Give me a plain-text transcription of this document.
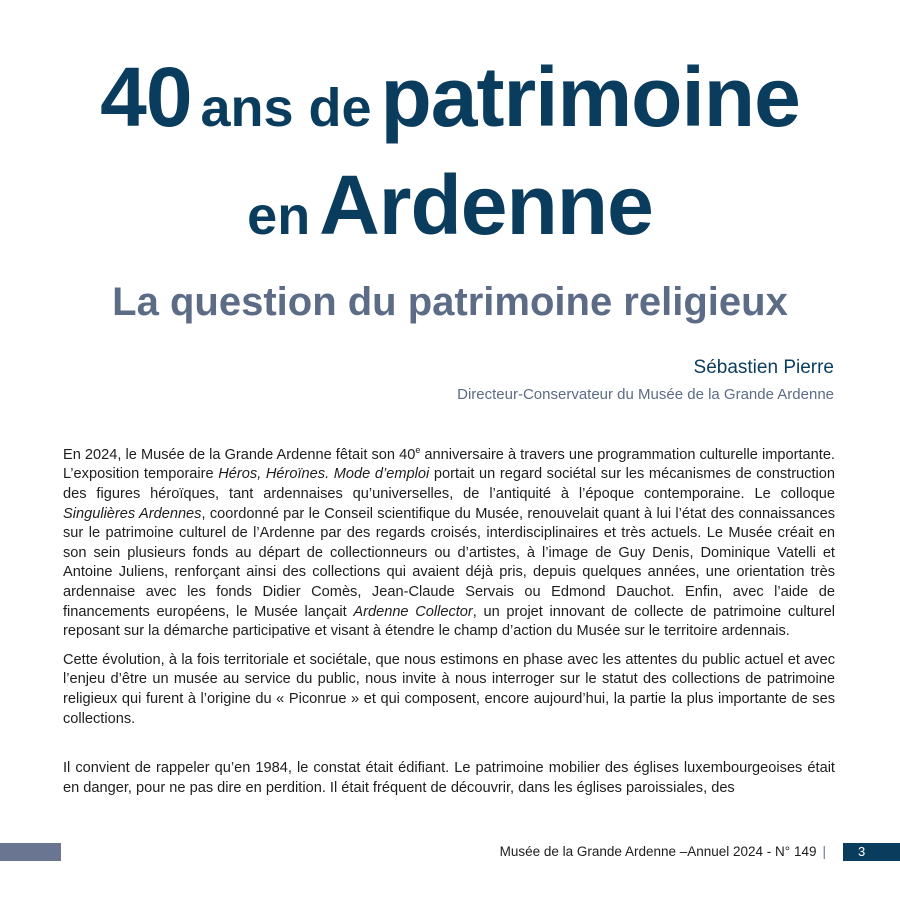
40 ans de patrimoine
en Ardenne
La question du patrimoine religieux
Sébastien Pierre
Directeur-Conservateur du Musée de la Grande Ardenne

En 2024, le Musée de la Grande Ardenne fêtait son 40e anniversaire à travers une programmation culturelle importante. L’exposition temporaire Héros, Héroïnes. Mode d’emploi portait un regard sociétal sur les mécanismes de construction des figures héroïques, tant ardennaises qu’universelles, de l’antiquité à l’époque contemporaine. Le colloque Singulières Ardennes, coordonné par le Conseil scientifique du Musée, renouvelait quant à lui l’état des connaissances sur le patrimoine culturel de l’Ardenne par des regards croisés, interdisciplinaires et très actuels. Le Musée créait en son sein plusieurs fonds au départ de collectionneurs ou d’artistes, à l’image de Guy Denis, Dominique Vatelli et Antoine Juliens, renforçant ainsi des collections qui avaient déjà pris, depuis quelques années, une orientation très ardennaise avec les fonds Didier Comès, Jean-Claude Servais ou Edmond Dauchot. Enfin, avec l’aide de financements européens, le Musée lançait Ardenne Collector, un projet innovant de collecte de patrimoine culturel reposant sur la démarche participative et visant à étendre le champ d’action du Musée sur le territoire ardennais.

Cette évolution, à la fois territoriale et sociétale, que nous estimons en phase avec les attentes du public actuel et avec l’enjeu d’être un musée au service du public, nous invite à nous interroger sur le statut des collections de patrimoine religieux qui furent à l’origine du « Piconrue » et qui composent, encore aujourd’hui, la partie la plus importante de ses collections.

Il convient de rappeler qu’en 1984, le constat était édifiant. Le patrimoine mobilier des églises luxembourgeoises était en danger, pour ne pas dire en perdition. Il était fréquent de découvrir, dans les églises paroissiales, des

Musée de la Grande Ardenne –Annuel 2024 - N° 149 |	3
